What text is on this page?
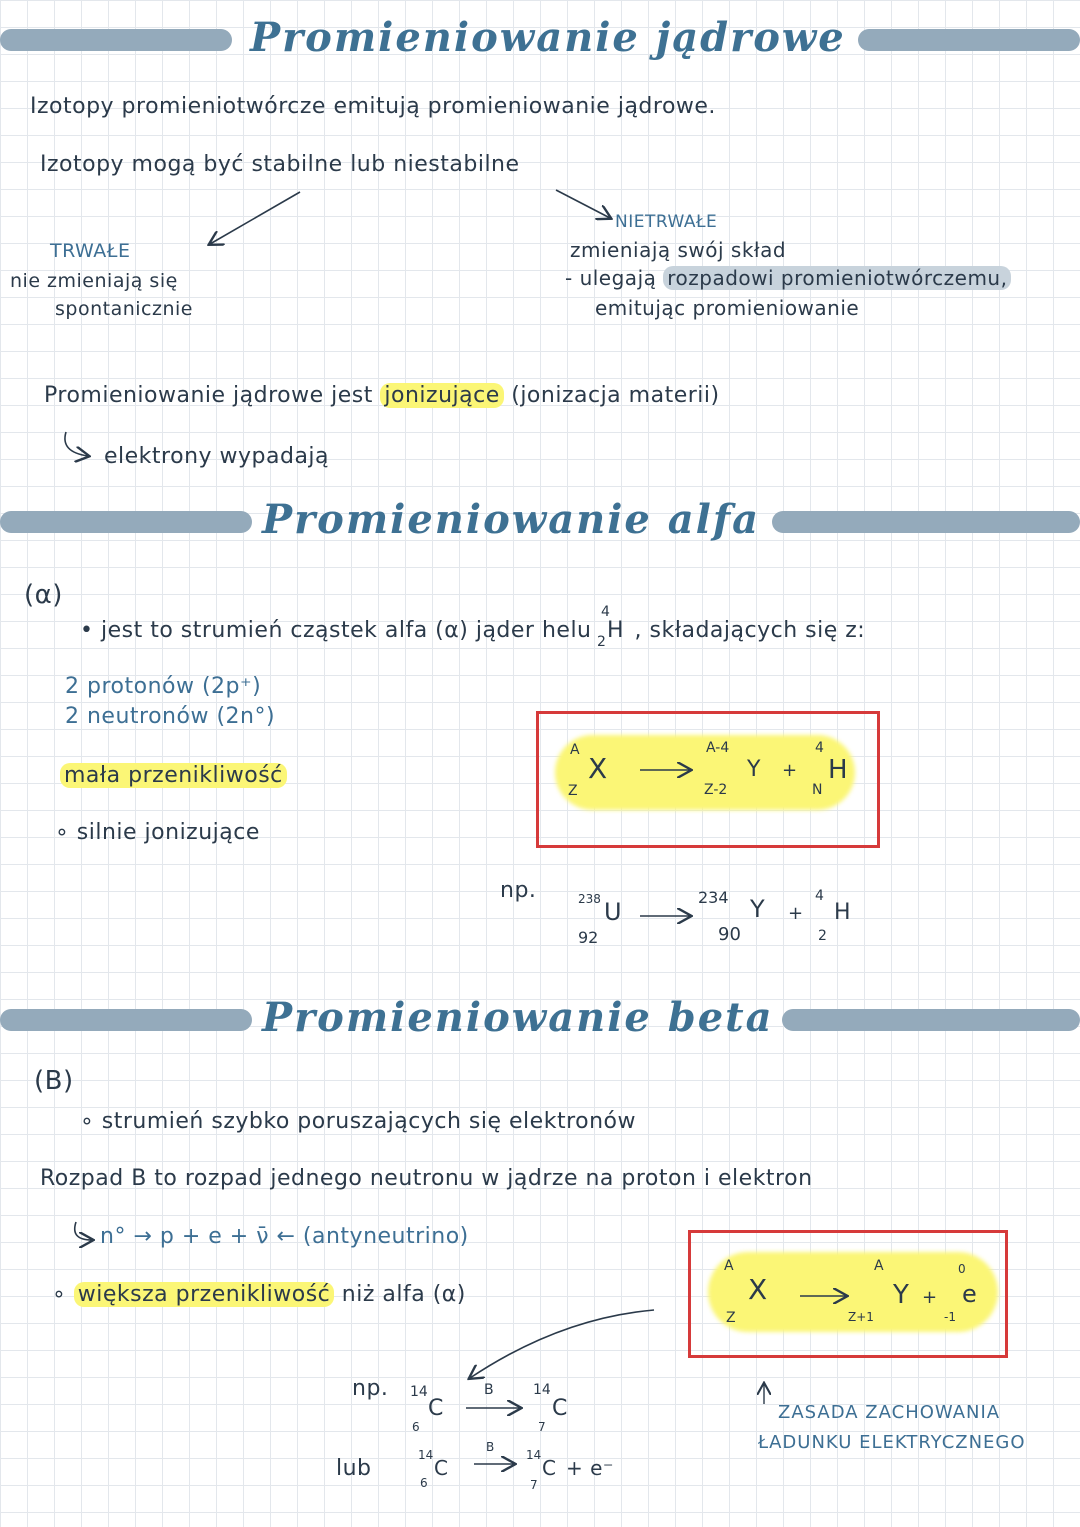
Promieniowanie jądrowe
Promieniowanie alfa
Promieniowanie beta
Izotopy promieniotwórcze emitują promieniowanie jądrowe.
Izotopy mogą być stabilne lub niestabilne
TRWAŁE
nie zmieniają się
spontanicznie
NIETRWAŁE
zmieniają swój skład
- ulegają rozpadowi promieniotwórczemu,
emitując promieniowanie
Promieniowanie jądrowe jest jonizujące (jonizacja materii)
elektrony wypadają
(α)
• jest to strumień cząstek alfa (α) jąder helu
4
2 H , składających się z:
2 protonów (2p⁺)
2 neutronów (2n°)
mała przenikliwość
∘ silnie jonizujące
A
Z
X
A-4
Z-2
Y +
4
N
H
np.	238
92
U
234
90
Y +
4
2
H
(B)
∘ strumień szybko poruszających się elektronów
Rozpad B to rozpad jednego neutronu w jądrze na proton i elektron
n° → p + e + ν̄ ← (antyneutrino)
∘ większa przenikliwość niż alfa (α)
A
Z
X
A
Z+1
Y +
0
-1
e
np. 14
6
C
B	14
7
C
lub
14
6
C
B
14
7
C + e⁻
ZASADA ZACHOWANIA
ŁADUNKU ELEKTRYCZNEGO
